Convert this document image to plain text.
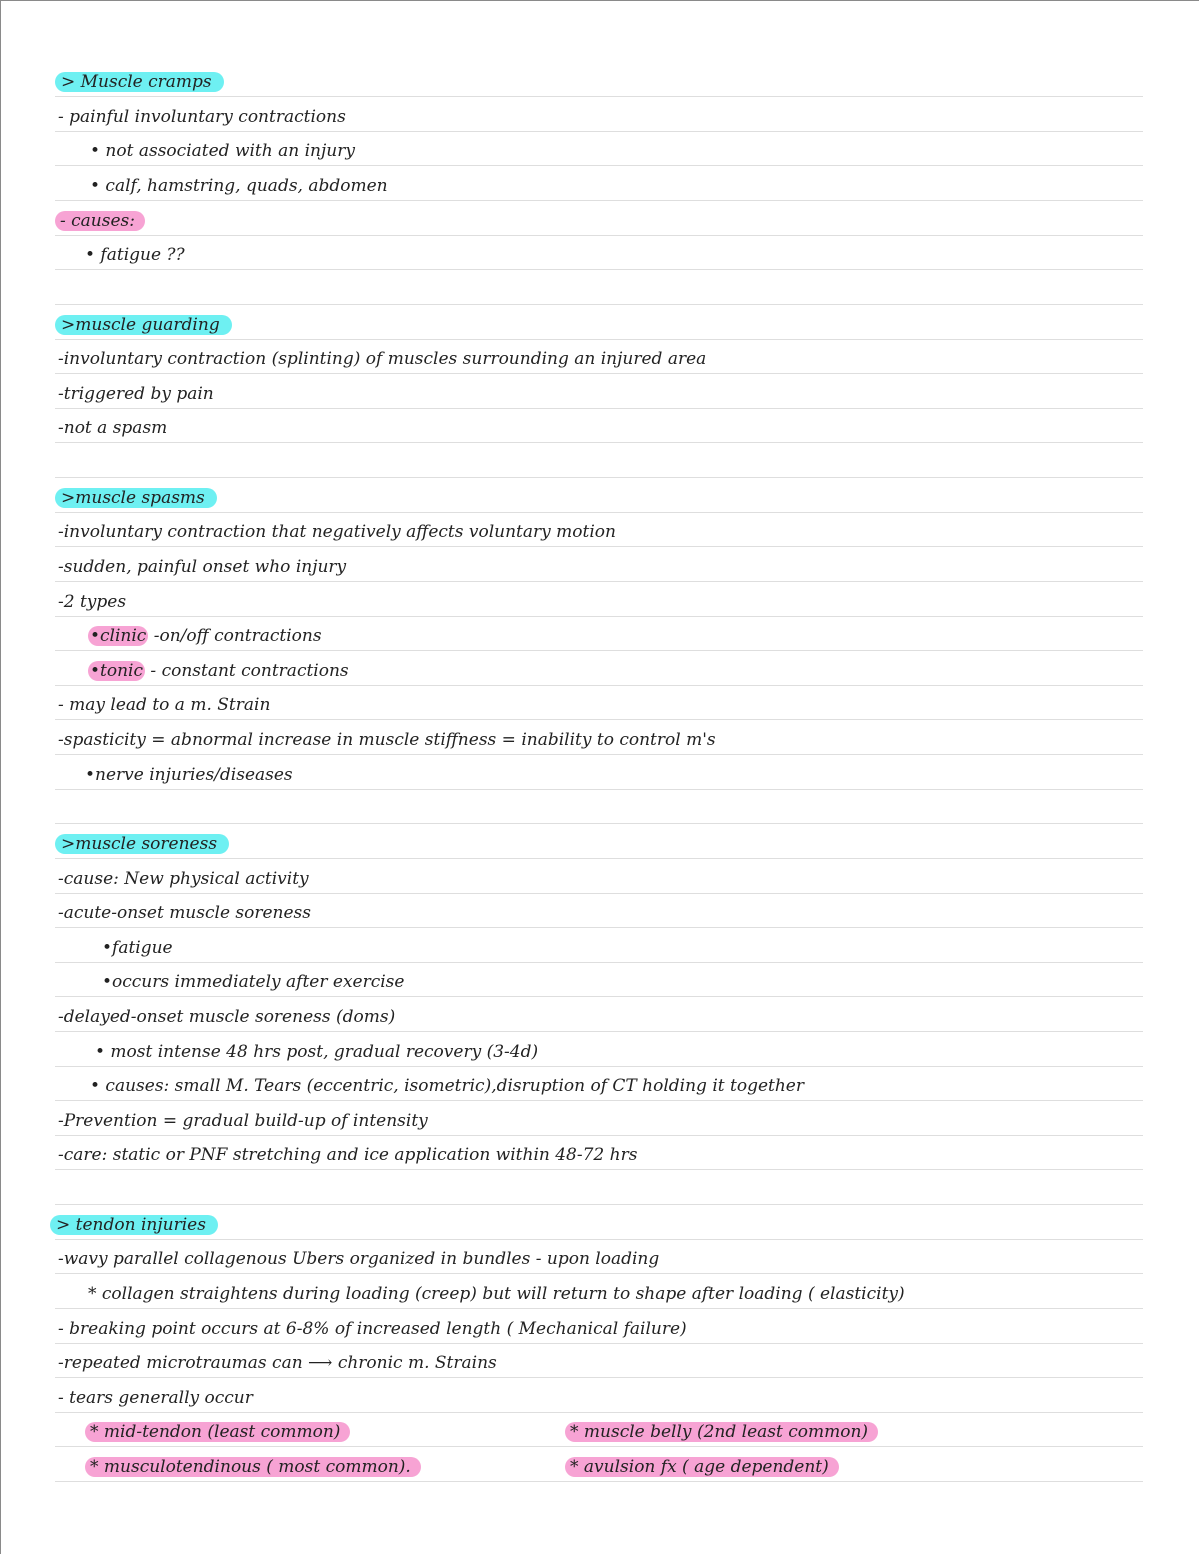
> Muscle cramps
- painful involuntary contractions
• not associated with an injury
• calf, hamstring, quads, abdomen
- causes:
• fatigue ??
>muscle guarding
-involuntary contraction (splinting) of muscles surrounding an injured area
-triggered by pain
-not a spasm
>muscle spasms
-involuntary contraction that negatively affects voluntary motion
-sudden, painful onset who injury
-2 types
•clinic -on/off contractions
•tonic - constant contractions
- may lead to a m. Strain
-spasticity = abnormal increase in muscle stiffness = inability to control m's
•nerve injuries/diseases
>muscle soreness
-cause: New physical activity
-acute-onset muscle soreness
•fatigue
•occurs immediately after exercise
-delayed-onset muscle soreness (doms)
• most intense 48 hrs post, gradual recovery (3-4d)
• causes: small M. Tears (eccentric, isometric),disruption of CT holding it together
-Prevention = gradual build-up of intensity
-care: static or PNF stretching and ice application within 48-72 hrs
> tendon injuries
-wavy parallel collagenous Ubers organized in bundles - upon loading
* collagen straightens during loading (creep) but will return to shape after loading ( elasticity)
- breaking point occurs at 6-8% of increased length ( Mechanical failure)
-repeated microtraumas can ⟶ chronic m. Strains
- tears generally occur
* mid-tendon (least common)	* muscle belly (2nd least common)
* musculotendinous ( most common).	* avulsion fx ( age dependent)
